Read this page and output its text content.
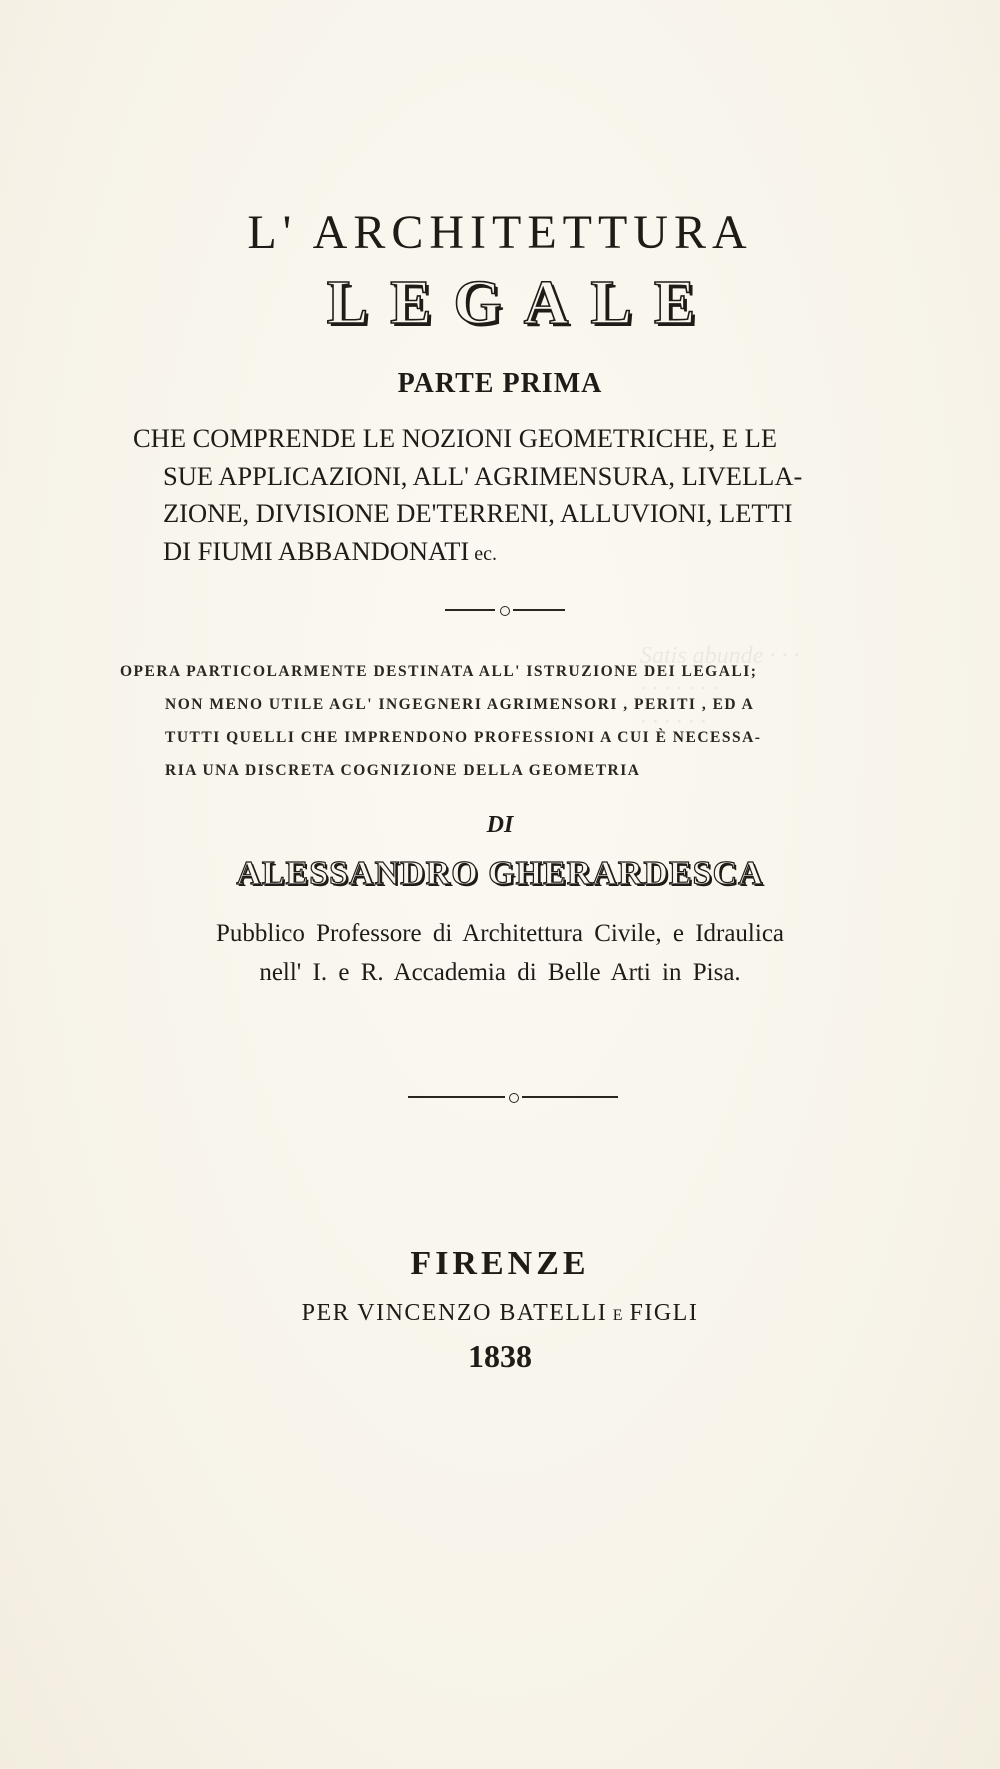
L' ARCHITETTURA
LEGALE
PARTE PRIMA
CHE COMPRENDE LE NOZIONI GEOMETRICHE, E LE
SUE APPLICAZIONI, ALL' AGRIMENSURA, LIVELLA-
ZIONE, DIVISIONE DE'TERRENI, ALLUVIONI, LETTI
DI FIUMI ABBANDONATI ec.
Satis abunde · · ·
· · · · · · ·
· · · · · ·
OPERA PARTICOLARMENTE DESTINATA ALL' ISTRUZIONE DEI LEGALI;
NON MENO UTILE AGL' INGEGNERI AGRIMENSORI , PERITI , ED A
TUTTI QUELLI CHE IMPRENDONO PROFESSIONI A CUI È NECESSA-
RIA UNA DISCRETA COGNIZIONE DELLA GEOMETRIA
DI
ALESSANDRO GHERARDESCA
Pubblico Professore di Architettura Civile, e Idraulica
nell' I. e R. Accademia di Belle Arti in Pisa.
FIRENZE
PER VINCENZO BATELLI E FIGLI
1838
